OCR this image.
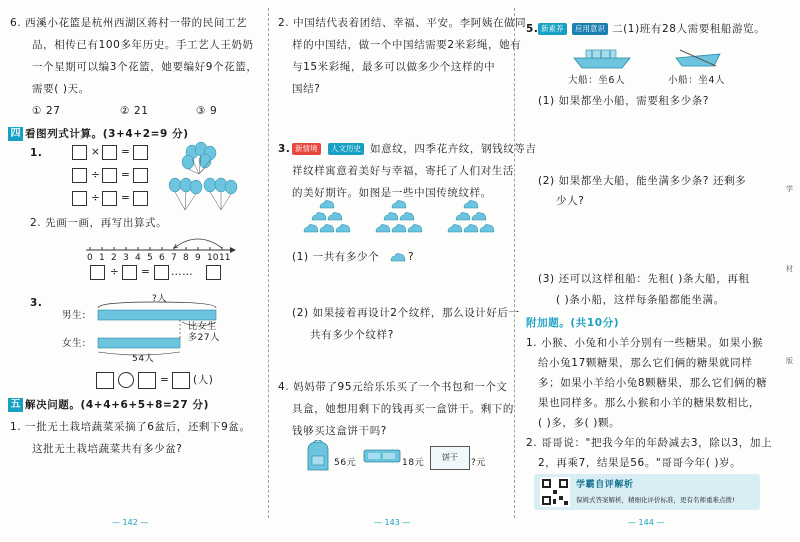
6. 西溪小花篮是杭州西湖区蒋村一带的民间工艺
品，相传已有100多年历史。手工艺人王奶奶
一个星期可以编3个花篮，她要编好9个花篮，
需要( )天。
① 27	② 21	③ 9
四 看图列式计算。(3+4+2=9 分)
1.	× =
÷ =
÷ =
2. 先画一画，再写出算式。
0 1 2 3 4 5 6 7 8 9 10 11
÷ = ……
3.	?人
男生:
女生:
比女生
多27人
54人
= (人)
五 解决问题。(4+4+6+5+8=27 分)
1. 一批无土栽培蔬菜采摘了6盆后，还剩下9盆。
这批无土栽培蔬菜共有多少盆?
— 142 —
2. 中国结代表着团结、幸福、平安。李阿姨在做同
样的中国结，做一个中国结需要2米彩绳，她有
与15米彩绳，最多可以做多少个这样的中
国结?
3. 新情境	人文历史 如意纹，四季花卉纹，钢钱纹等吉
祥纹样寓意着美好与幸福，寄托了人们对生活
的美好期许。如图是一些中国传统纹样。
(1) 一共有多少个	?
(2) 如果接着再设计2个纹样，那么设计好后一
共有多少个纹样?
4. 妈妈带了95元给乐乐买了一个书包和一个文
具盒，她想用剩下的钱再买一盒饼干。剩下的
钱够买这盒饼干吗?
56元	18元
饼干
?元
— 143 —
5. 新素养	应用意识 二(1)班有28人需要租船游览。
大船：坐6人	小船：坐4人
(1) 如果都坐小船，需要租多少条?
(2) 如果都坐大船，能坐满多少条? 还剩多
少人?
(3) 还可以这样租船：先租( )条大船，再租
( )条小船，这样每条船都能坐满。
附加题。(共10分)
1. 小猴、小兔和小羊分别有一些糖果。如果小猴
给小兔17颗糖果，那么它们俩的糖果就同样
多；如果小羊给小兔8颗糖果，那么它们俩的糖
果也同样多。那么小猴和小羊的糖果数相比，
( )多，多( )颗。
2. 哥哥说："把我今年的年龄减去3，除以3，加上
2，再乘7，结果是56。"哥哥今年( )岁。
学霸自评解析
保姆式答案解析，精细化评价标准，更有名师重难点拨!
学
材
版
— 144 —
